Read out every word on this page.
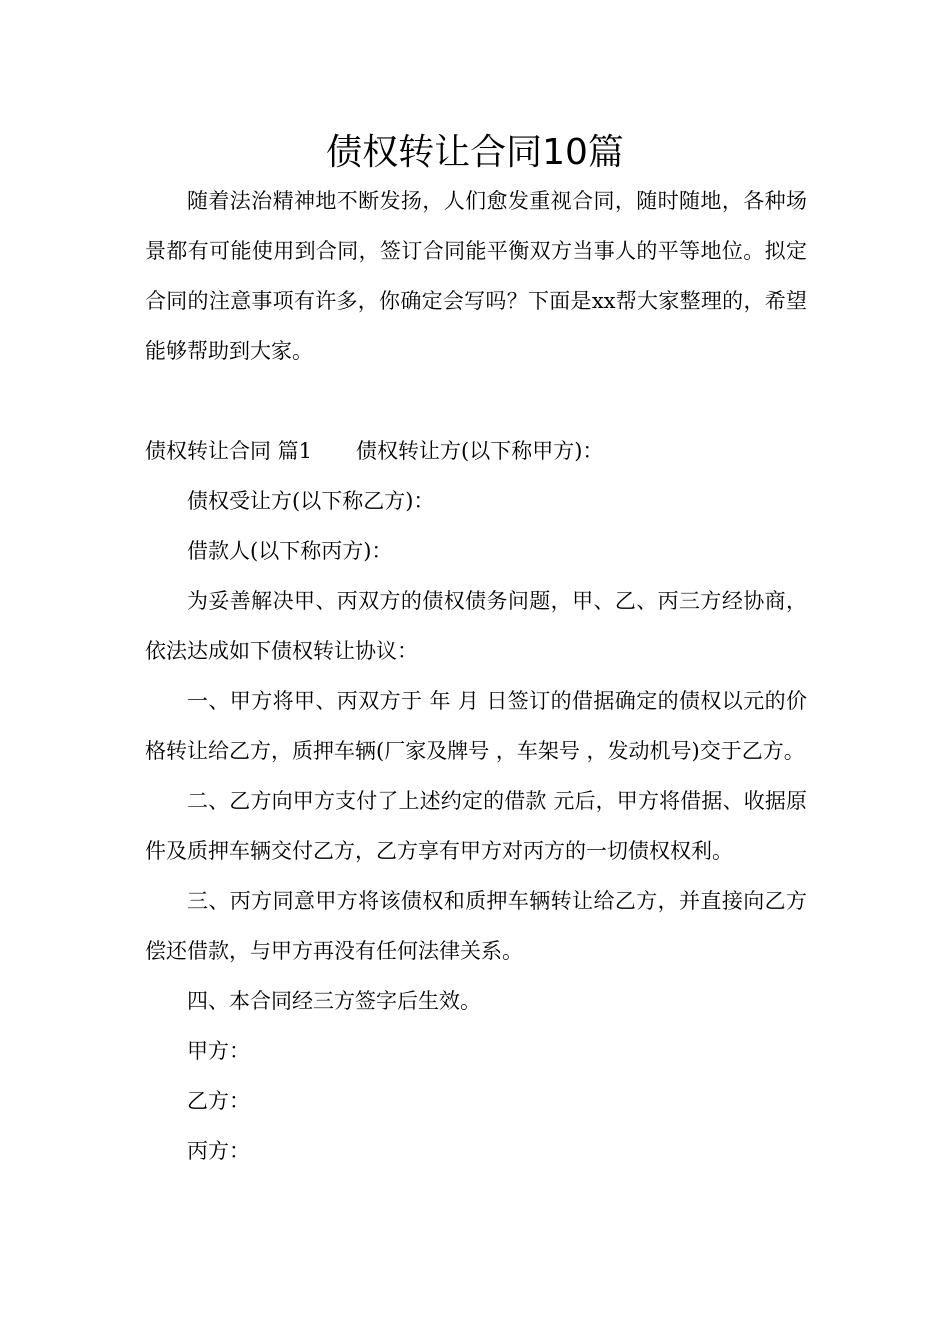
债权转让合同10篇

随着法治精神地不断发扬，人们愈发重视合同，随时随地，各种场景都有可能使用到合同，签订合同能平衡双方当事人的平等地位。拟定合同的注意事项有许多，你确定会写吗？下面是xx帮大家整理的，希望能够帮助到大家。

债权转让合同 篇1 债权转让方(以下称甲方)：

债权受让方(以下称乙方)：

借款人(以下称丙方)：

为妥善解决甲、丙双方的债权债务问题，甲、乙、丙三方经协商，依法达成如下债权转让协议：

一、甲方将甲、丙双方于 年 月 日签订的借据确定的债权以元的价格转让给乙方，质押车辆(厂家及牌号 ，车架号 ，发动机号)交于乙方。

二、乙方向甲方支付了上述约定的借款 元后，甲方将借据、收据原件及质押车辆交付乙方，乙方享有甲方对丙方的一切债权权利。

三、丙方同意甲方将该债权和质押车辆转让给乙方，并直接向乙方偿还借款，与甲方再没有任何法律关系。

四、本合同经三方签字后生效。

甲方：

乙方：

丙方：
